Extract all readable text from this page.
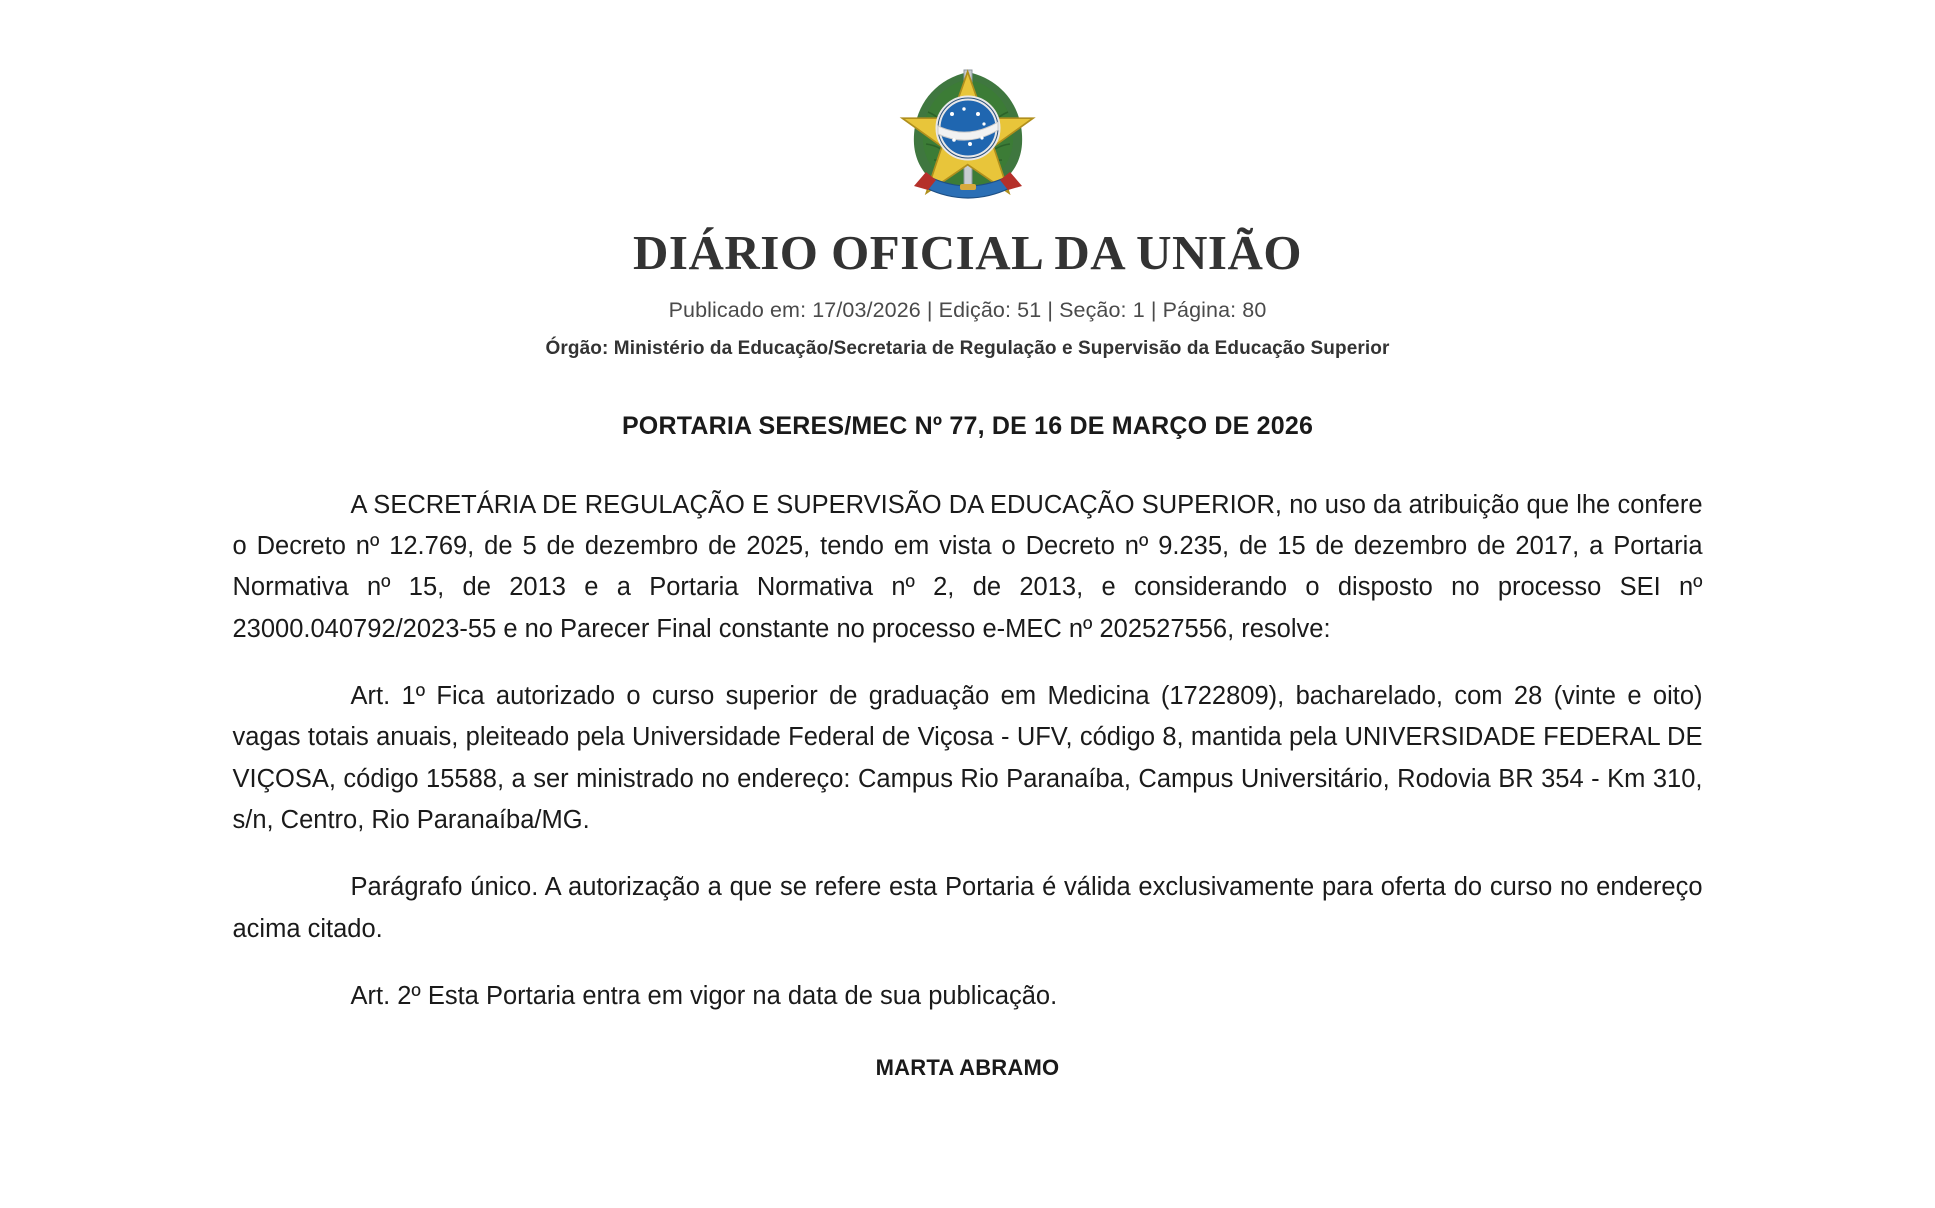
DIÁRIO OFICIAL DA UNIÃO
Publicado em: 17/03/2026 | Edição: 51 | Seção: 1 | Página: 80
Órgão: Ministério da Educação/Secretaria de Regulação e Supervisão da Educação Superior
PORTARIA SERES/MEC Nº 77, DE 16 DE MARÇO DE 2026

A SECRETÁRIA DE REGULAÇÃO E SUPERVISÃO DA EDUCAÇÃO SUPERIOR, no uso da atribuição que lhe confere o Decreto nº 12.769, de 5 de dezembro de 2025, tendo em vista o Decreto nº 9.235, de 15 de dezembro de 2017, a Portaria Normativa nº 15, de 2013 e a Portaria Normativa nº 2, de 2013, e considerando o disposto no processo SEI nº 23000.040792/2023-55 e no Parecer Final constante no processo e-MEC nº 202527556, resolve:

Art. 1º Fica autorizado o curso superior de graduação em Medicina (1722809), bacharelado, com 28 (vinte e oito) vagas totais anuais, pleiteado pela Universidade Federal de Viçosa - UFV, código 8, mantida pela UNIVERSIDADE FEDERAL DE VIÇOSA, código 15588, a ser ministrado no endereço: Campus Rio Paranaíba, Campus Universitário, Rodovia BR 354 - Km 310, s/n, Centro, Rio Paranaíba/MG.

Parágrafo único. A autorização a que se refere esta Portaria é válida exclusivamente para oferta do curso no endereço acima citado.

Art. 2º Esta Portaria entra em vigor na data de sua publicação.

MARTA ABRAMO
